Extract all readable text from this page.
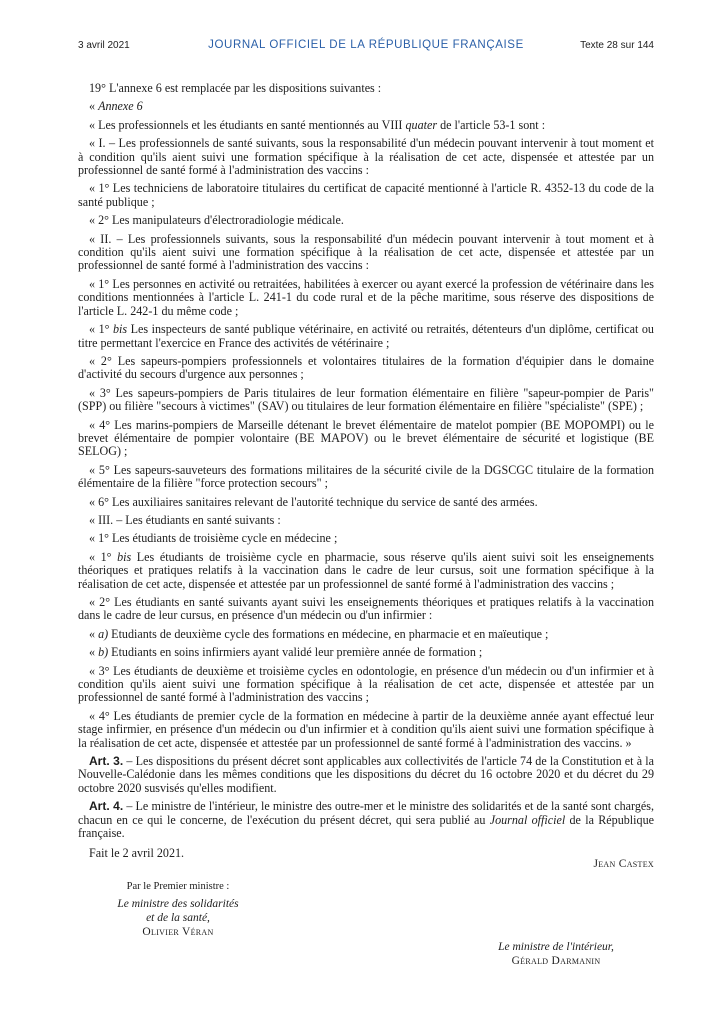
3 avril 2021	JOURNAL OFFICIEL DE LA RÉPUBLIQUE FRANÇAISE	Texte 28 sur 144

19° L'annexe 6 est remplacée par les dispositions suivantes :

« Annexe 6

« Les professionnels et les étudiants en santé mentionnés au VIII quater de l'article 53-1 sont :

« I. – Les professionnels de santé suivants, sous la responsabilité d'un médecin pouvant intervenir à tout moment et à condition qu'ils aient suivi une formation spécifique à la réalisation de cet acte, dispensée et attestée par un professionnel de santé formé à l'administration des vaccins :

« 1° Les techniciens de laboratoire titulaires du certificat de capacité mentionné à l'article R. 4352-13 du code de la santé publique ;

« 2° Les manipulateurs d'électroradiologie médicale.

« II. – Les professionnels suivants, sous la responsabilité d'un médecin pouvant intervenir à tout moment et à condition qu'ils aient suivi une formation spécifique à la réalisation de cet acte, dispensée et attestée par un professionnel de santé formé à l'administration des vaccins :

« 1° Les personnes en activité ou retraitées, habilitées à exercer ou ayant exercé la profession de vétérinaire dans les conditions mentionnées à l'article L. 241-1 du code rural et de la pêche maritime, sous réserve des dispositions de l'article L. 242-1 du même code ;

« 1° bis Les inspecteurs de santé publique vétérinaire, en activité ou retraités, détenteurs d'un diplôme, certificat ou titre permettant l'exercice en France des activités de vétérinaire ;

« 2° Les sapeurs-pompiers professionnels et volontaires titulaires de la formation d'équipier dans le domaine d'activité du secours d'urgence aux personnes ;

« 3° Les sapeurs-pompiers de Paris titulaires de leur formation élémentaire en filière "sapeur-pompier de Paris" (SPP) ou filière "secours à victimes" (SAV) ou titulaires de leur formation élémentaire en filière "spécialiste" (SPE) ;

« 4° Les marins-pompiers de Marseille détenant le brevet élémentaire de matelot pompier (BE MOPOMPI) ou le brevet élémentaire de pompier volontaire (BE MAPOV) ou le brevet élémentaire de sécurité et logistique (BE SELOG) ;

« 5° Les sapeurs-sauveteurs des formations militaires de la sécurité civile de la DGSCGC titulaire de la formation élémentaire de la filière "force protection secours" ;

« 6° Les auxiliaires sanitaires relevant de l'autorité technique du service de santé des armées.

« III. – Les étudiants en santé suivants :

« 1° Les étudiants de troisième cycle en médecine ;

« 1° bis Les étudiants de troisième cycle en pharmacie, sous réserve qu'ils aient suivi soit les enseignements théoriques et pratiques relatifs à la vaccination dans le cadre de leur cursus, soit une formation spécifique à la réalisation de cet acte, dispensée et attestée par un professionnel de santé formé à l'administration des vaccins ;

« 2° Les étudiants en santé suivants ayant suivi les enseignements théoriques et pratiques relatifs à la vaccination dans le cadre de leur cursus, en présence d'un médecin ou d'un infirmier :

« a) Etudiants de deuxième cycle des formations en médecine, en pharmacie et en maïeutique ;

« b) Etudiants en soins infirmiers ayant validé leur première année de formation ;

« 3° Les étudiants de deuxième et troisième cycles en odontologie, en présence d'un médecin ou d'un infirmier et à condition qu'ils aient suivi une formation spécifique à la réalisation de cet acte, dispensée et attestée par un professionnel de santé formé à l'administration des vaccins ;

« 4° Les étudiants de premier cycle de la formation en médecine à partir de la deuxième année ayant effectué leur stage infirmier, en présence d'un médecin ou d'un infirmier et à condition qu'ils aient suivi une formation spécifique à la réalisation de cet acte, dispensée et attestée par un professionnel de santé formé à l'administration des vaccins. »

Art. 3. – Les dispositions du présent décret sont applicables aux collectivités de l'article 74 de la Constitution et à la Nouvelle-Calédonie dans les mêmes conditions que les dispositions du décret du 16 octobre 2020 et du décret du 29 octobre 2020 susvisés qu'elles modifient.

Art. 4. – Le ministre de l'intérieur, le ministre des outre-mer et le ministre des solidarités et de la santé sont chargés, chacun en ce qui le concerne, de l'exécution du présent décret, qui sera publié au Journal officiel de la République française.

Fait le 2 avril 2021.

Jean Castex
Par le Premier ministre :
Le ministre des solidarités
et de la santé,
Olivier Véran
Le ministre de l'intérieur,
Gérald Darmanin
